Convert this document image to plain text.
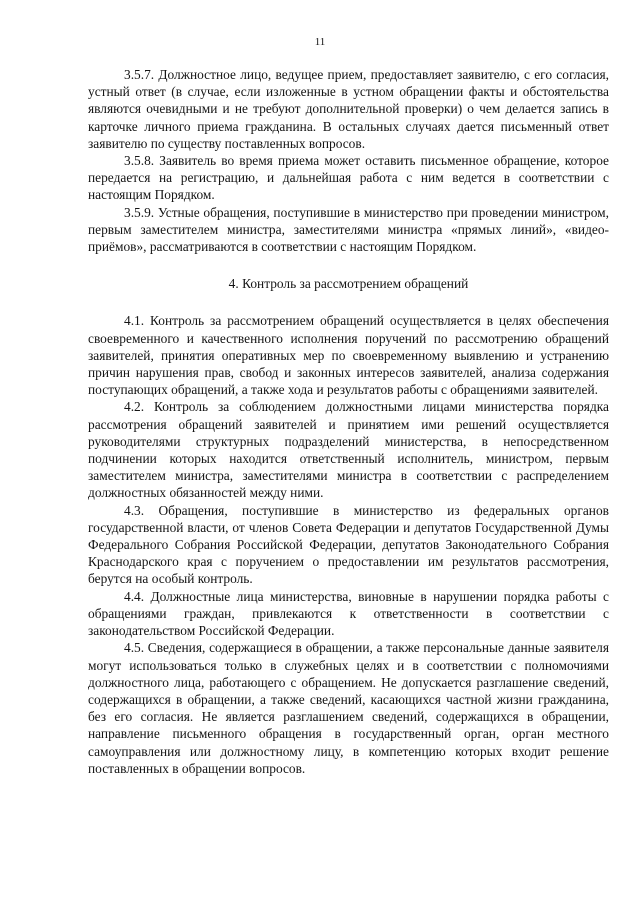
11

3.5.7. Должностное лицо, ведущее прием, предоставляет заявителю, с его согласия, устный ответ (в случае, если изложенные в устном обращении факты и обстоятельства являются очевидными и не требуют дополнительной проверки) о чем делается запись в карточке личного приема гражданина. В остальных случаях дается письменный ответ заявителю по существу поставленных вопросов.

3.5.8. Заявитель во время приема может оставить письменное обращение, которое передается на регистрацию, и дальнейшая работа с ним ведется в соответствии с настоящим Порядком.

3.5.9. Устные обращения, поступившие в министерство при проведении министром, первым заместителем министра, заместителями министра «прямых линий», «видео-приёмов», рассматриваются в соответствии с настоящим Порядком.

4. Контроль за рассмотрением обращений

4.1. Контроль за рассмотрением обращений осуществляется в целях обеспечения своевременного и качественного исполнения поручений по рассмотрению обращений заявителей, принятия оперативных мер по своевременному выявлению и устранению причин нарушения прав, свобод и законных интересов заявителей, анализа содержания поступающих обращений, а также хода и результатов работы с обращениями заявителей.

4.2. Контроль за соблюдением должностными лицами министерства порядка рассмотрения обращений заявителей и принятием ими решений осуществляется руководителями структурных подразделений министерства, в непосредственном подчинении которых находится ответственный исполнитель, министром, первым заместителем министра, заместителями министра в соответствии с распределением должностных обязанностей между ними.

4.3. Обращения, поступившие в министерство из федеральных органов государственной власти, от членов Совета Федерации и депутатов Государственной Думы Федерального Собрания Российской Федерации, депутатов Законодательного Собрания Краснодарского края с поручением о предоставлении им результатов рассмотрения, берутся на особый контроль.

4.4. Должностные лица министерства, виновные в нарушении порядка работы с обращениями граждан, привлекаются к ответственности в соответствии с законодательством Российской Федерации.

4.5. Сведения, содержащиеся в обращении, а также персональные данные заявителя могут использоваться только в служебных целях и в соответствии с полномочиями должностного лица, работающего с обращением. Не допускается разглашение сведений, содержащихся в обращении, а также сведений, касающихся частной жизни гражданина, без его согласия. Не является разглашением сведений, содержащихся в обращении, направление письменного обращения в государственный орган, орган местного самоуправления или должностному лицу, в компетенцию которых входит решение поставленных в обращении вопросов.
